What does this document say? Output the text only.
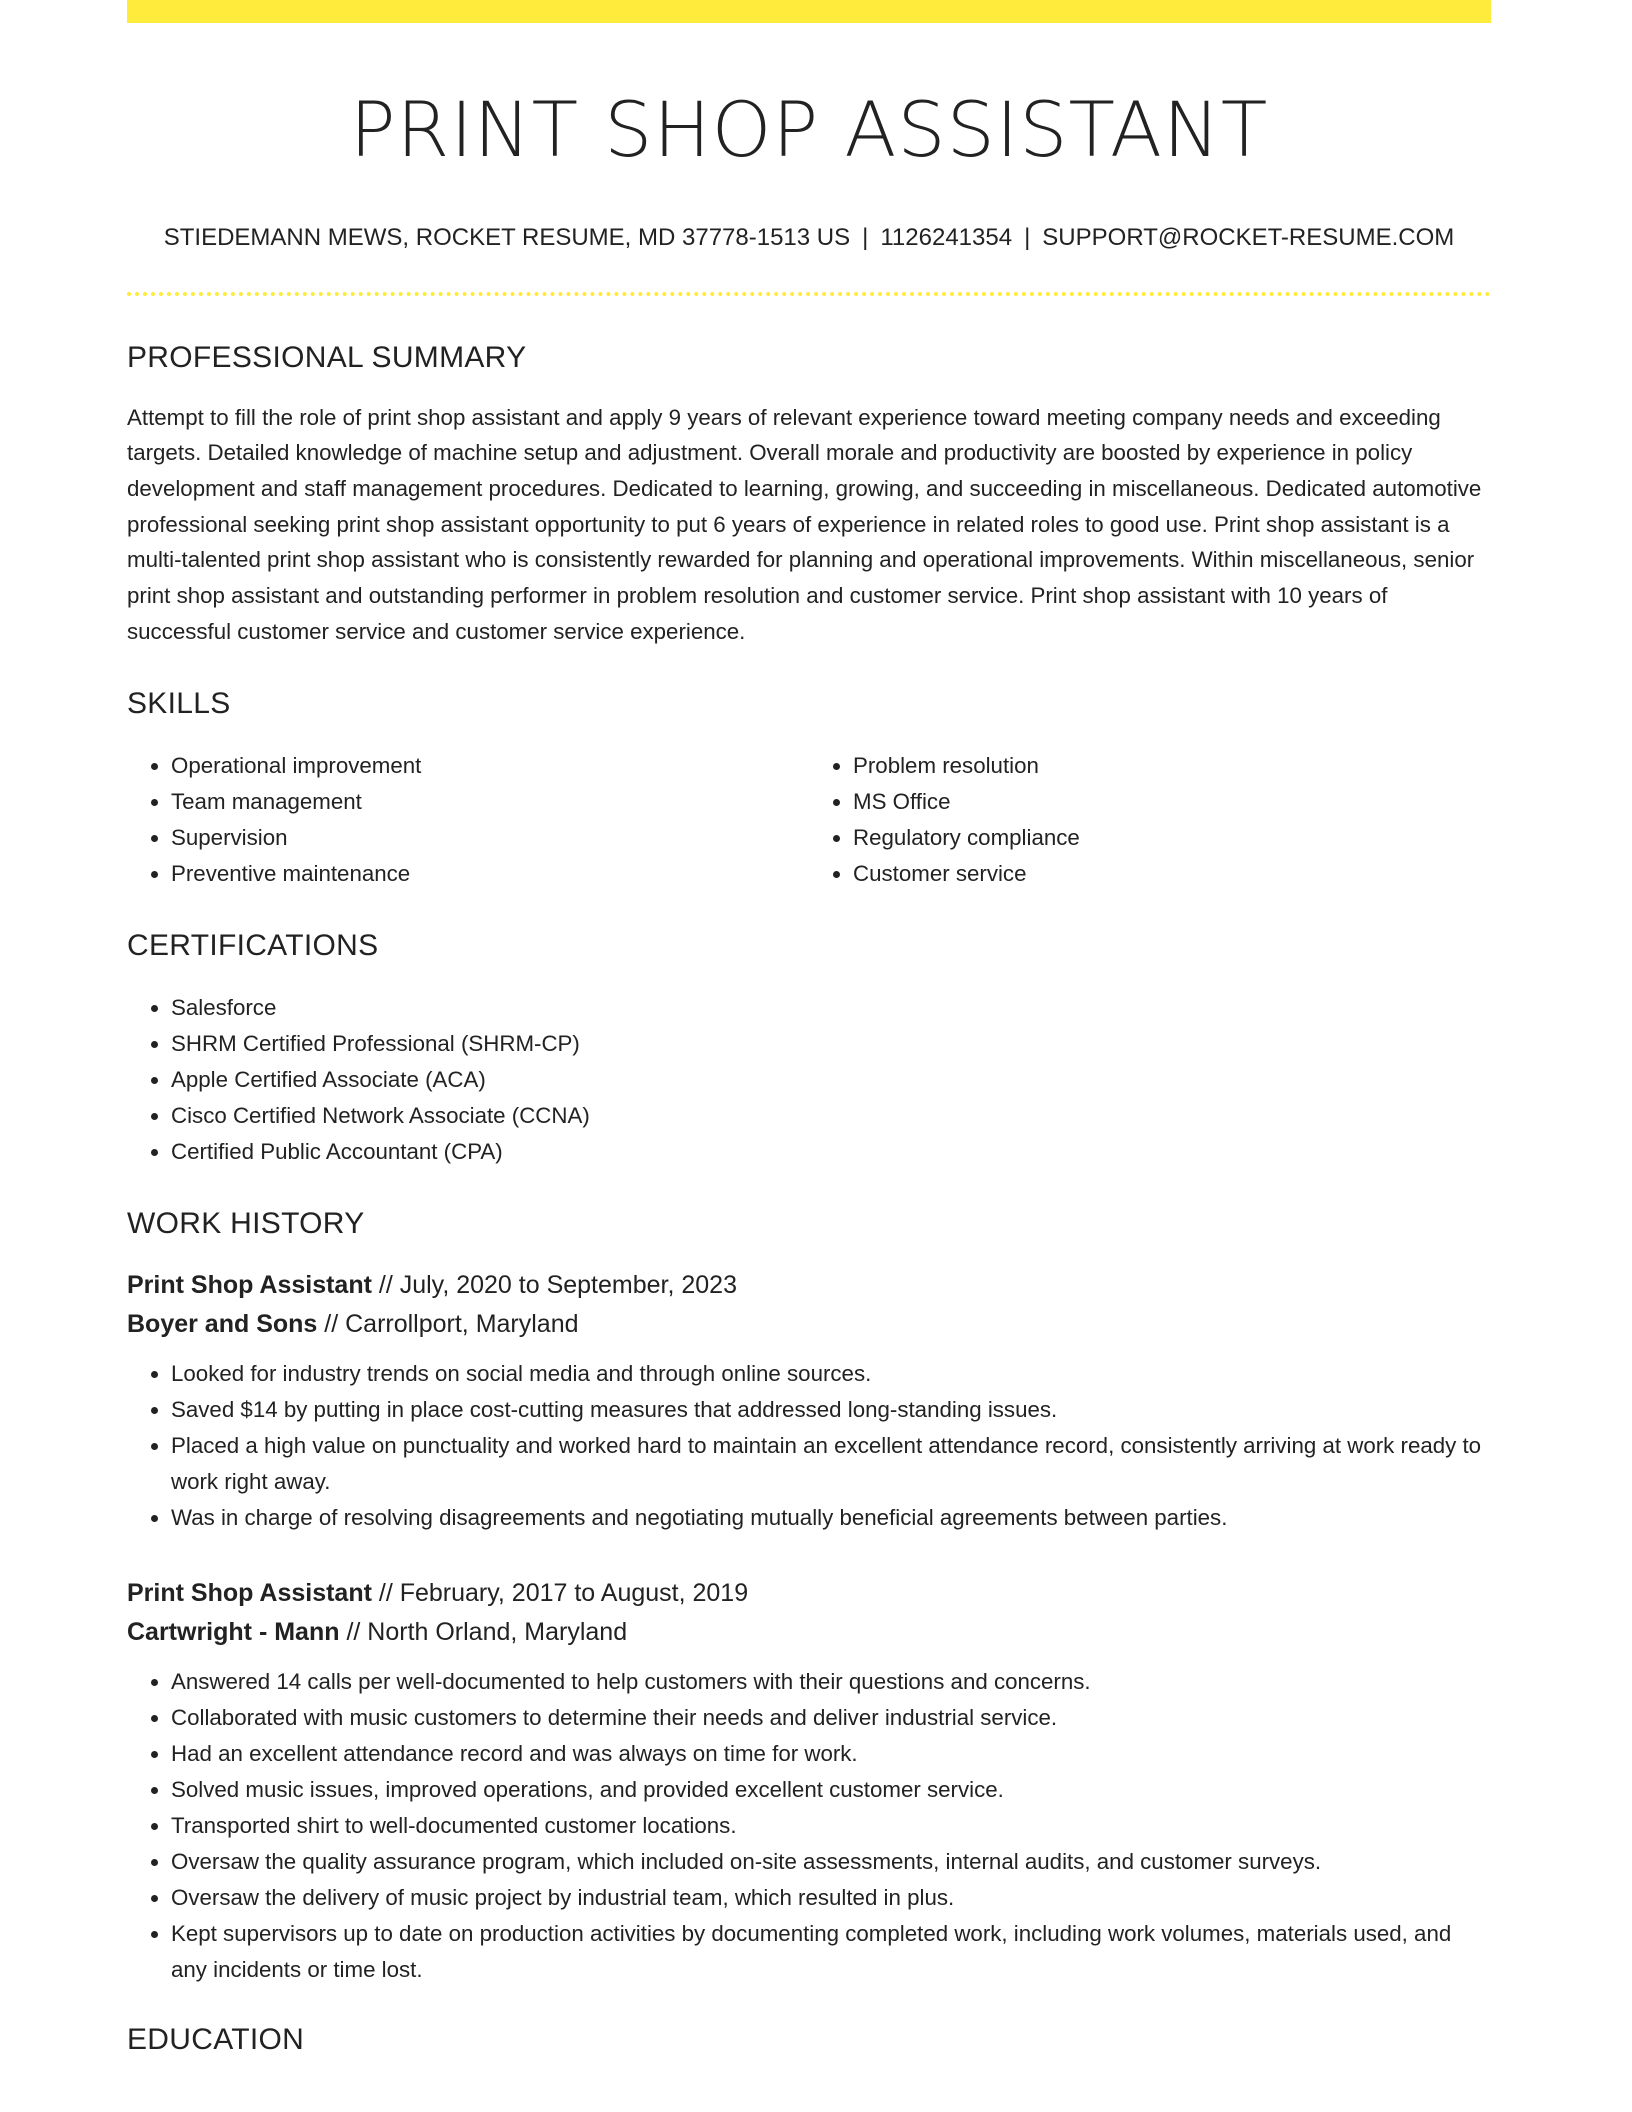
PRINT SHOP ASSISTANT
STIEDEMANN MEWS, ROCKET RESUME, MD 37778-1513 US | 1126241354 | SUPPORT@ROCKET-RESUME.COM
PROFESSIONAL SUMMARY

Attempt to fill the role of print shop assistant and apply 9 years of relevant experience toward meeting company needs and exceeding targets. Detailed knowledge of machine setup and adjustment. Overall morale and productivity are boosted by experience in policy development and staff management procedures. Dedicated to learning, growing, and succeeding in miscellaneous. Dedicated automotive professional seeking print shop assistant opportunity to put 6 years of experience in related roles to good use. Print shop assistant is a multi-talented print shop assistant who is consistently rewarded for planning and operational improvements. Within miscellaneous, senior print shop assistant and outstanding performer in problem resolution and customer service. Print shop assistant with 10 years of successful customer service and customer service experience.

SKILLS
• Operational improvement
• Team management
• Supervision
• Preventive maintenance
• Problem resolution
• MS Office
• Regulatory compliance
• Customer service
CERTIFICATIONS
• Salesforce
• SHRM Certified Professional (SHRM-CP)
• Apple Certified Associate (ACA)
• Cisco Certified Network Associate (CCNA)
• Certified Public Accountant (CPA)
WORK HISTORY
Print Shop Assistant // July, 2020 to September, 2023
Boyer and Sons // Carrollport, Maryland
• Looked for industry trends on social media and through online sources.
• Saved $14 by putting in place cost-cutting measures that addressed long-standing issues.
• Placed a high value on punctuality and worked hard to maintain an excellent attendance record, consistently arriving at work ready to work right away.
• Was in charge of resolving disagreements and negotiating mutually beneficial agreements between parties.
Print Shop Assistant // February, 2017 to August, 2019
Cartwright - Mann // North Orland, Maryland
• Answered 14 calls per well-documented to help customers with their questions and concerns.
• Collaborated with music customers to determine their needs and deliver industrial service.
• Had an excellent attendance record and was always on time for work.
• Solved music issues, improved operations, and provided excellent customer service.
• Transported shirt to well-documented customer locations.
• Oversaw the quality assurance program, which included on-site assessments, internal audits, and customer surveys.
• Oversaw the delivery of music project by industrial team, which resulted in plus.
• Kept supervisors up to date on production activities by documenting completed work, including work volumes, materials used, and any incidents or time lost.
EDUCATION
